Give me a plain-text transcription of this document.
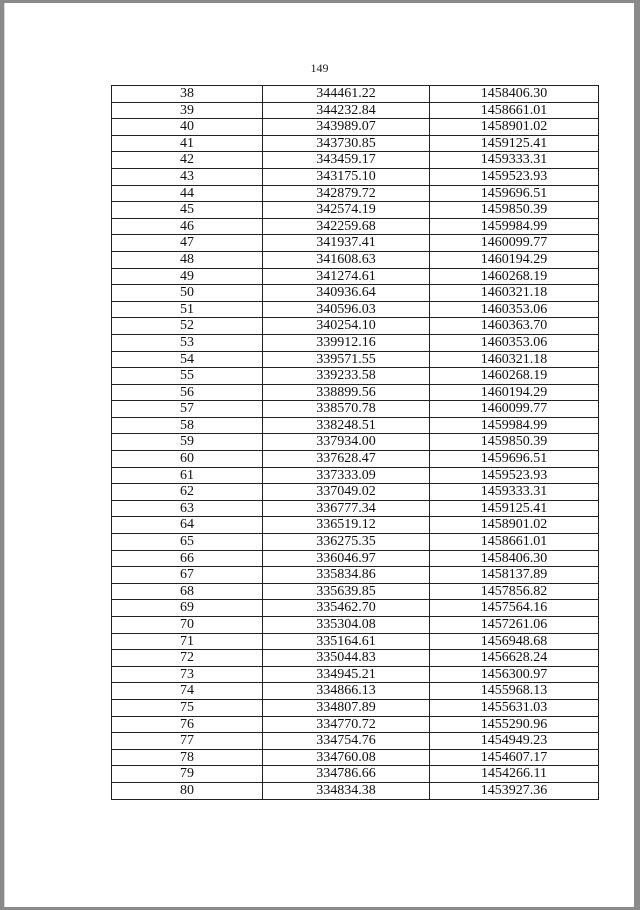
149
38	344461.22	1458406.30
39	344232.84	1458661.01
40	343989.07	1458901.02
41	343730.85	1459125.41
42	343459.17	1459333.31
43	343175.10	1459523.93
44	342879.72	1459696.51
45	342574.19	1459850.39
46	342259.68	1459984.99
47	341937.41	1460099.77
48	341608.63	1460194.29
49	341274.61	1460268.19
50	340936.64	1460321.18
51	340596.03	1460353.06
52	340254.10	1460363.70
53	339912.16	1460353.06
54	339571.55	1460321.18
55	339233.58	1460268.19
56	338899.56	1460194.29
57	338570.78	1460099.77
58	338248.51	1459984.99
59	337934.00	1459850.39
60	337628.47	1459696.51
61	337333.09	1459523.93
62	337049.02	1459333.31
63	336777.34	1459125.41
64	336519.12	1458901.02
65	336275.35	1458661.01
66	336046.97	1458406.30
67	335834.86	1458137.89
68	335639.85	1457856.82
69	335462.70	1457564.16
70	335304.08	1457261.06
71	335164.61	1456948.68
72	335044.83	1456628.24
73	334945.21	1456300.97
74	334866.13	1455968.13
75	334807.89	1455631.03
76	334770.72	1455290.96
77	334754.76	1454949.23
78	334760.08	1454607.17
79	334786.66	1454266.11
80	334834.38	1453927.36
